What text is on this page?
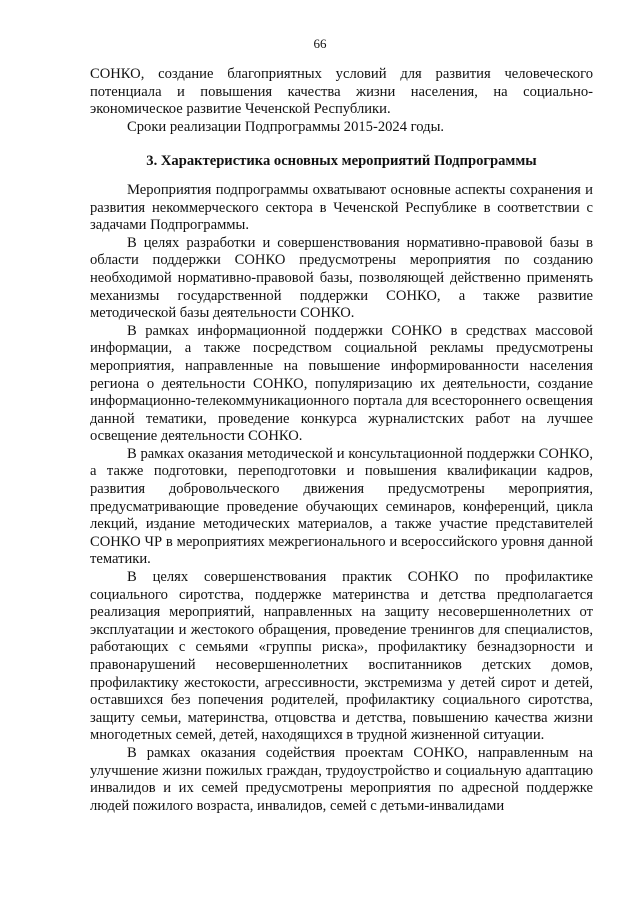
66

СОНКО, создание благоприятных условий для развития человеческого потенциала и повышения качества жизни населения, на социально-экономическое развитие Чеченской Республики.

Сроки реализации Подпрограммы 2015-2024 годы.

3. Характеристика основных мероприятий Подпрограммы

Мероприятия подпрограммы охватывают основные аспекты сохранения и развития некоммерческого сектора в Чеченской Республике в соответствии с задачами Подпрограммы.

В целях разработки и совершенствования нормативно-правовой базы в области поддержки СОНКО предусмотрены мероприятия по созданию необходимой нормативно-правовой базы, позволяющей действенно применять механизмы государственной поддержки СОНКО, а также развитие методической базы деятельности СОНКО.

В рамках информационной поддержки СОНКО в средствах массовой информации, а также посредством социальной рекламы предусмотрены мероприятия, направленные на повышение информированности населения региона о деятельности СОНКО, популяризацию их деятельности, создание информационно-телекоммуникационного портала для всестороннего освещения данной тематики, проведение конкурса журналистских работ на лучшее освещение деятельности СОНКО.

В рамках оказания методической и консультационной поддержки СОНКО, а также подготовки, переподготовки и повышения квалификации кадров, развития добровольческого движения предусмотрены мероприятия, предусматривающие проведение обучающих семинаров, конференций, цикла лекций, издание методических материалов, а также участие представителей СОНКО ЧР в мероприятиях межрегионального и всероссийского уровня данной тематики.

В целях совершенствования практик СОНКО по профилактике социального сиротства, поддержке материнства и детства предполагается реализация мероприятий, направленных на защиту несовершеннолетних от эксплуатации и жестокого обращения, проведение тренингов для специалистов, работающих с семьями «группы риска», профилактику безнадзорности и правонарушений несовершеннолетних воспитанников детских домов, профилактику жестокости, агрессивности, экстремизма у детей сирот и детей, оставшихся без попечения родителей, профилактику социального сиротства, защиту семьи, материнства, отцовства и детства, повышению качества жизни многодетных семей, детей, находящихся в трудной жизненной ситуации.

В рамках оказания содействия проектам СОНКО, направленным на улучшение жизни пожилых граждан, трудоустройство и социальную адаптацию инвалидов и их семей предусмотрены мероприятия по адресной поддержке людей пожилого возраста, инвалидов, семей с детьми-инвалидами
